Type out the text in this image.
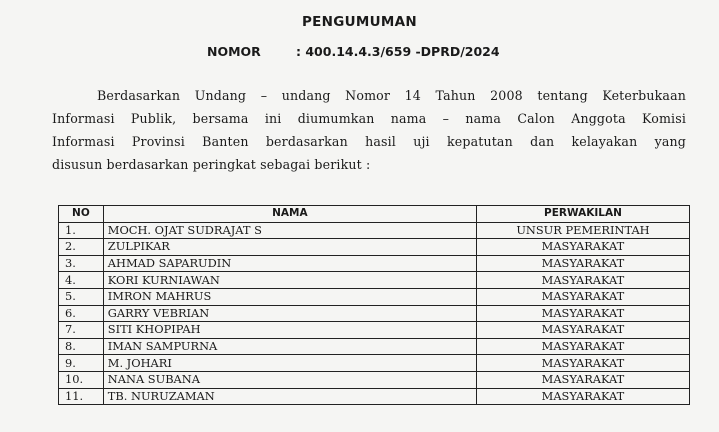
PENGUMUMAN
NOMOR	: 400.14.4.3/659 -DPRD/2024
Berdasarkan Undang – undang Nomor 14 Tahun 2008 tentang Keterbukaan
Informasi Publik, bersama ini diumumkan nama – nama Calon Anggota Komisi
Informasi Provinsi Banten berdasarkan hasil uji kepatutan dan kelayakan yang
disusun berdasarkan peringkat sebagai berikut :
NO	NAMA	PERWAKILAN
1.	MOCH. OJAT SUDRAJAT S	UNSUR PEMERINTAH
2.	ZULPIKAR	MASYARAKAT
3.	AHMAD SAPARUDIN	MASYARAKAT
4.	KORI KURNIAWAN	MASYARAKAT
5.	IMRON MAHRUS	MASYARAKAT
6.	GARRY VEBRIAN	MASYARAKAT
7.	SITI KHOPIPAH	MASYARAKAT
8.	IMAN SAMPURNA	MASYARAKAT
9.	M. JOHARI	MASYARAKAT
10.	NANA SUBANA	MASYARAKAT
11.	TB. NURUZAMAN	MASYARAKAT
